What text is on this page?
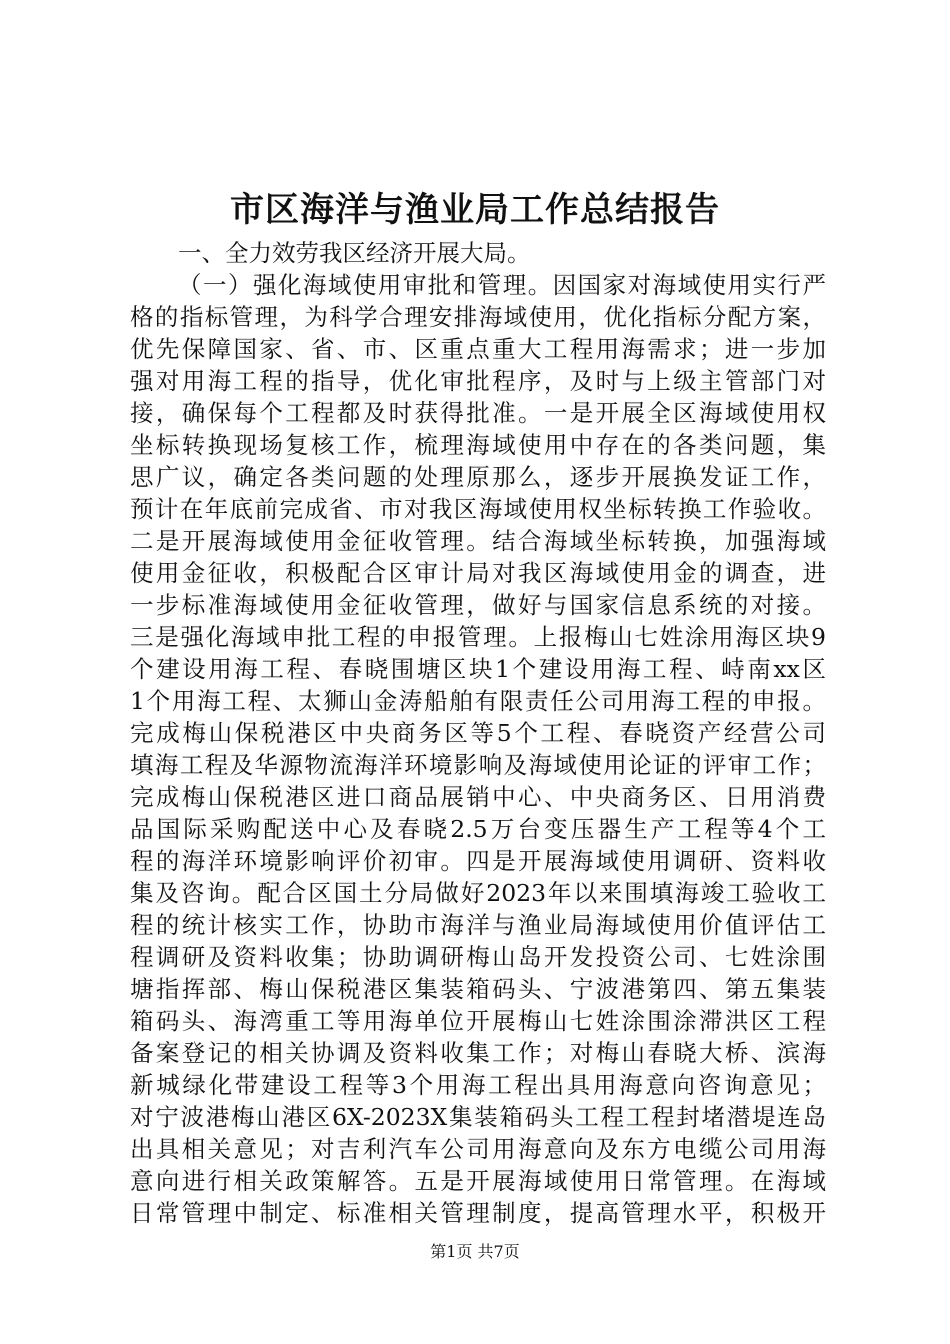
市区海洋与渔业局工作总结报告
一、全力效劳我区经济开展大局。
（一）强化海域使用审批和管理。因国家对海域使用实行严
格的指标管理，为科学合理安排海域使用，优化指标分配方案，
优先保障国家、省、市、区重点重大工程用海需求；进一步加
强对用海工程的指导，优化审批程序，及时与上级主管部门对
接，确保每个工程都及时获得批准。一是开展全区海域使用权
坐标转换现场复核工作，梳理海域使用中存在的各类问题，集
思广议，确定各类问题的处理原那么，逐步开展换发证工作，
预计在年底前完成省、市对我区海域使用权坐标转换工作验收。
二是开展海域使用金征收管理。结合海域坐标转换，加强海域
使用金征收，积极配合区审计局对我区海域使用金的调查，进
一步标准海域使用金征收管理，做好与国家信息系统的对接。
三是强化海域申批工程的申报管理。上报梅山七姓涂用海区块9
个建设用海工程、春晓围塘区块1个建设用海工程、峙南xx区
1个用海工程、太狮山金涛船舶有限责任公司用海工程的申报。
完成梅山保税港区中央商务区等5个工程、春晓资产经营公司
填海工程及华源物流海洋环境影响及海域使用论证的评审工作；
完成梅山保税港区进口商品展销中心、中央商务区、日用消费
品国际采购配送中心及春晓2.5万台变压器生产工程等4个工
程的海洋环境影响评价初审。四是开展海域使用调研、资料收
集及咨询。配合区国土分局做好2023年以来围填海竣工验收工
程的统计核实工作，协助市海洋与渔业局海域使用价值评估工
程调研及资料收集；协助调研梅山岛开发投资公司、七姓涂围
塘指挥部、梅山保税港区集装箱码头、宁波港第四、第五集装
箱码头、海湾重工等用海单位开展梅山七姓涂围涂滞洪区工程
备案登记的相关协调及资料收集工作；对梅山春晓大桥、滨海
新城绿化带建设工程等3个用海工程出具用海意向咨询意见；
对宁波港梅山港区6X-2023X集装箱码头工程工程封堵潜堤连岛
出具相关意见；对吉利汽车公司用海意向及东方电缆公司用海
意向进行相关政策解答。五是开展海域使用日常管理。在海域
日常管理中制定、标准相关管理制度，提高管理水平，积极开
第1页 共7页
